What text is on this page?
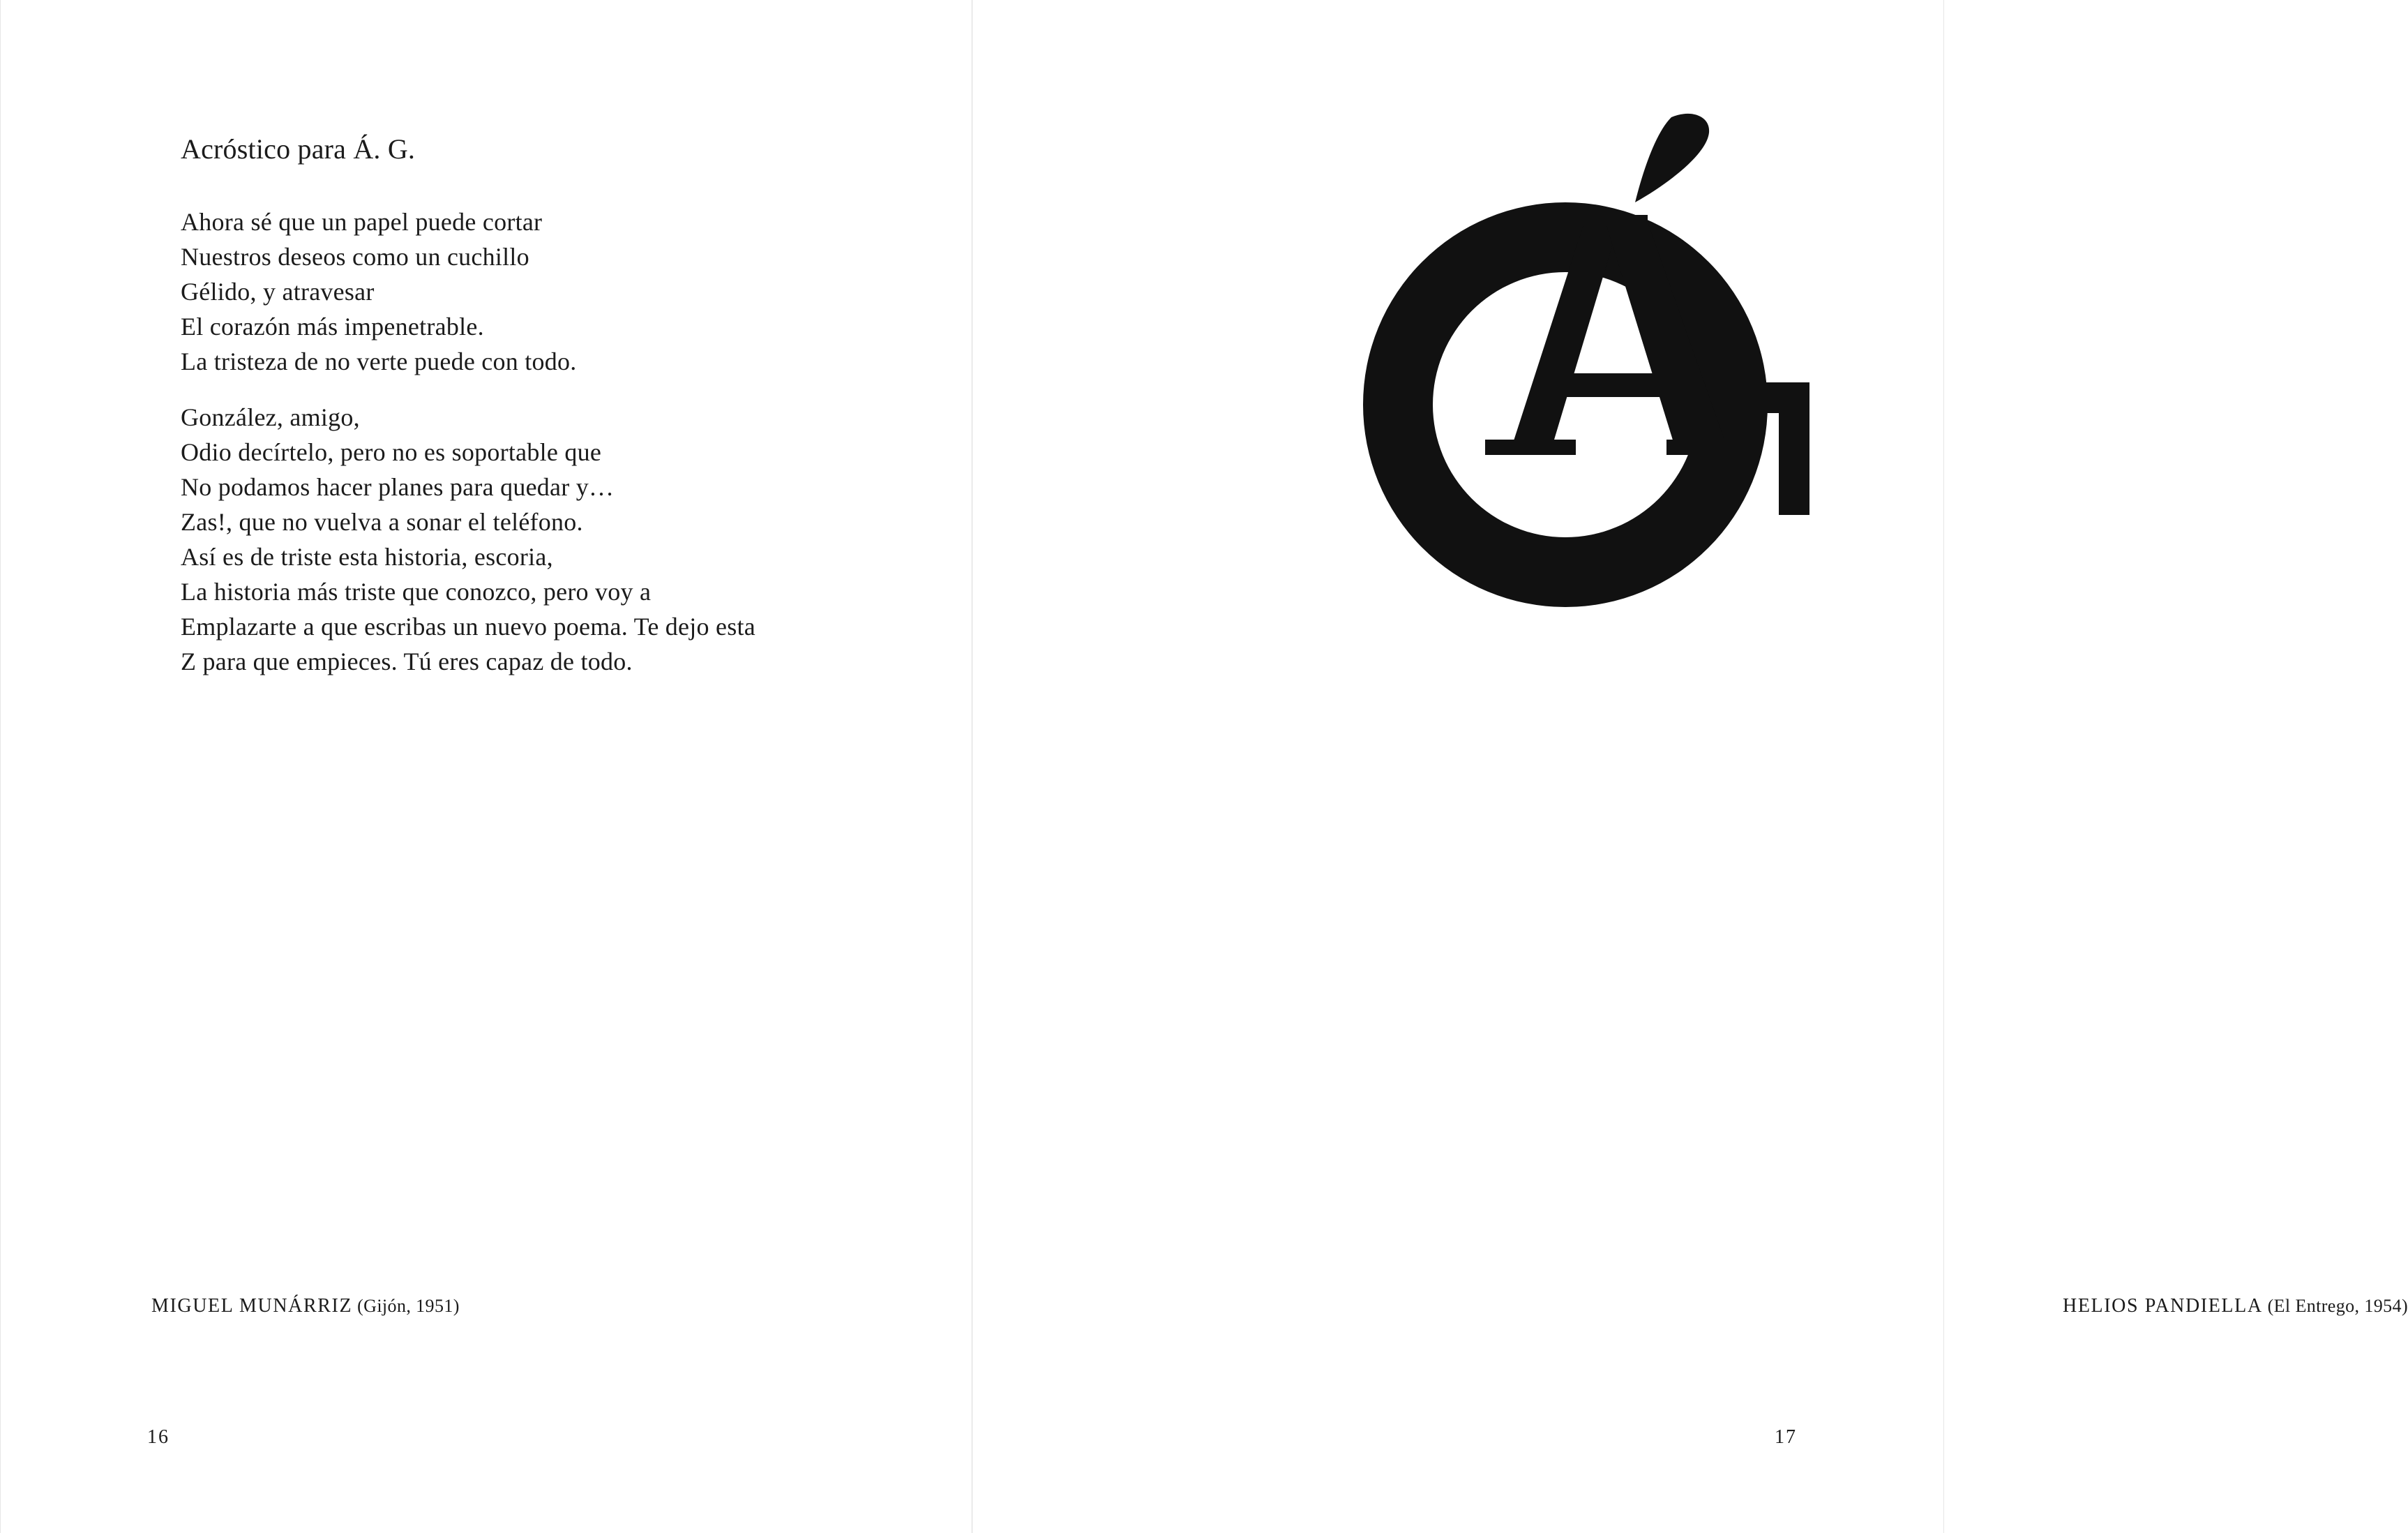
Acróstico para Á. G.
Ahora sé que un papel puede cortar
Nuestros deseos como un cuchillo
Gélido, y atravesar
El corazón más impenetrable.
La tristeza de no verte puede con todo.
González, amigo,
Odio decírtelo, pero no es soportable que
No podamos hacer planes para quedar y…
Zas!, que no vuelva a sonar el teléfono.
Así es de triste esta historia, escoria,
La historia más triste que conozco, pero voy a
Emplazarte a que escribas un nuevo poema. Te dejo esta
Z para que empieces. Tú eres capaz de todo.
MIGUEL MUNÁRRIZ (Gijón, 1951)
16
HELIOS PANDIELLA (El Entrego, 1954)
17
